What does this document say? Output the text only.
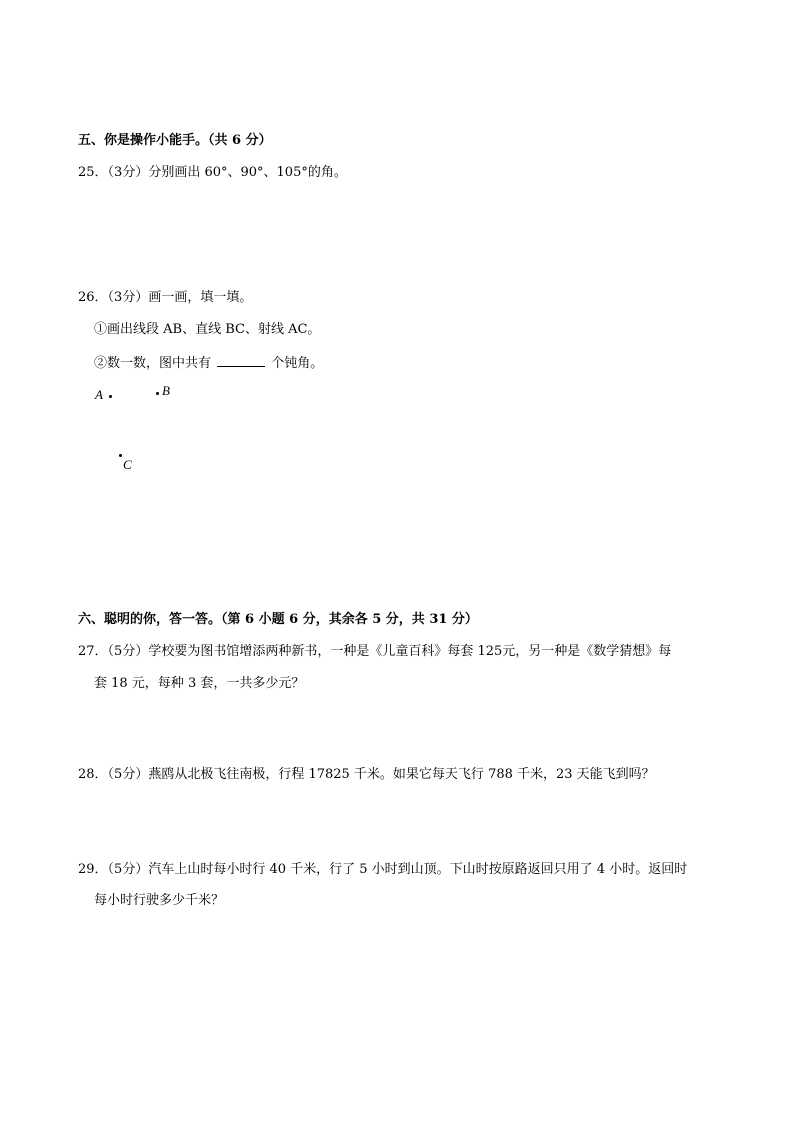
五、你是操作小能手。（共 6 分）
25．（3分）分别画出 60°、90°、105°的角。
26．（3分）画一画，填一填。
①画出线段 AB、直线 BC、射线 AC。
②数一数，图中共有	个钝角。
A	B
C
六、聪明的你，答一答。（第 6 小题 6 分，其余各 5 分，共 31 分）
27．（5分）学校要为图书馆增添两种新书，一种是《儿童百科》每套 125元，另一种是《数学猜想》每
套 18 元，每种 3 套，一共多少元？
28．（5分）燕鸥从北极飞往南极，行程 17825 千米。如果它每天飞行 788 千米，23 天能飞到吗？
29．（5分）汽车上山时每小时行 40 千米，行了 5 小时到山顶。下山时按原路返回只用了 4 小时。返回时
每小时行驶多少千米？
